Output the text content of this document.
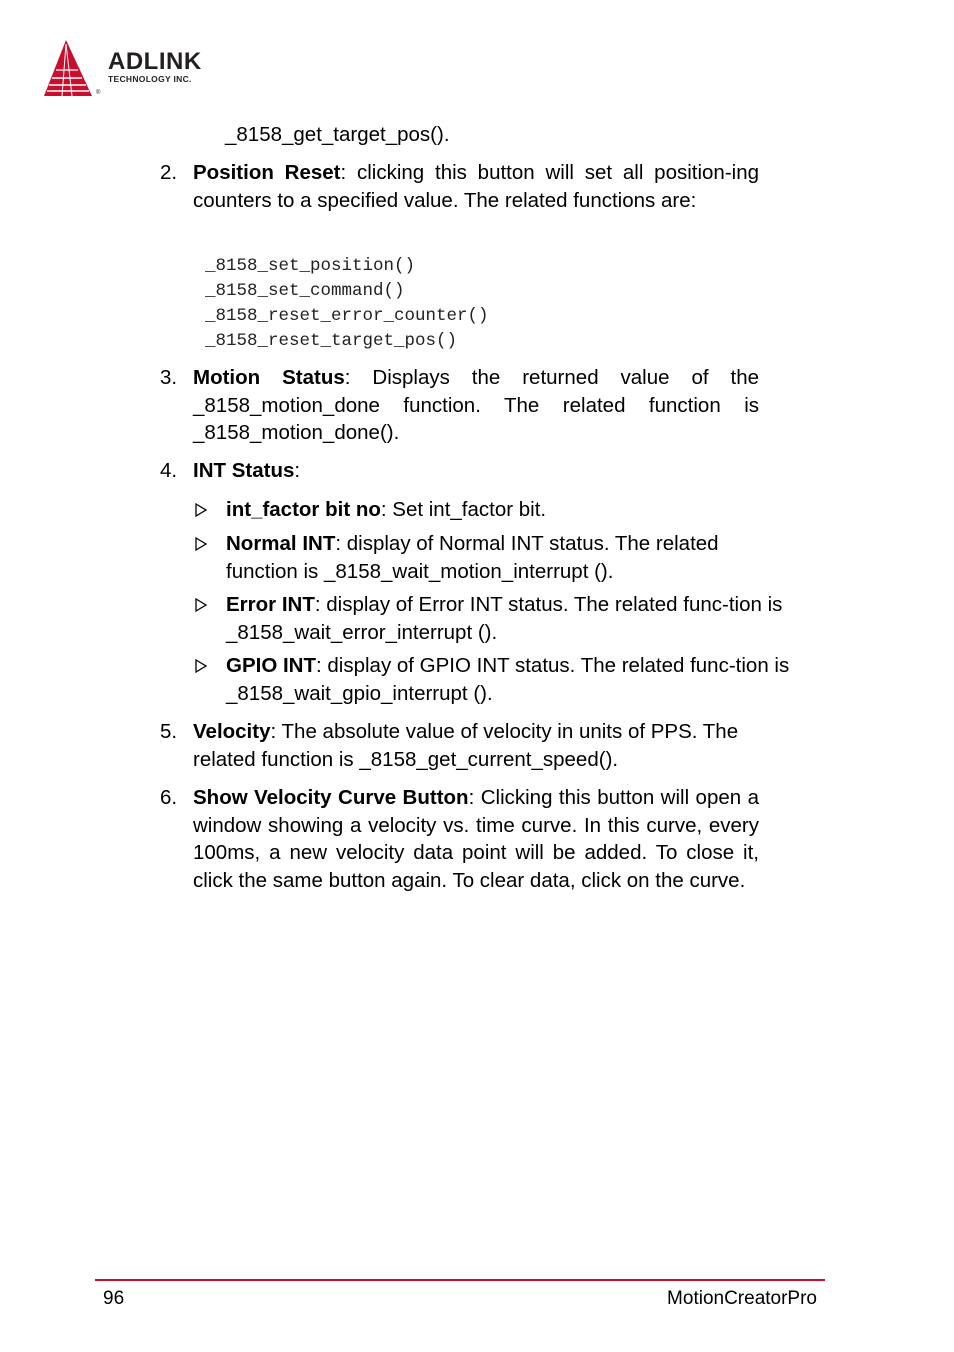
ADLINK
TECHNOLOGY INC.
®
_8158_get_target_pos().
2. Position Reset: clicking this button will set all position-ing counters to a specified value. The related functions are:
_8158_set_position()
_8158_set_command()
_8158_reset_error_counter()
_8158_reset_target_pos()
3. Motion Status: Displays the returned value of the _8158_motion_done function. The related function is _8158_motion_done().
4. INT Status:
int_factor bit no: Set int_factor bit.
Normal INT: display of Normal INT status. The related function is _8158_wait_motion_interrupt ().
Error INT: display of Error INT status. The related func-tion is _8158_wait_error_interrupt ().
GPIO INT: display of GPIO INT status. The related func-tion is _8158_wait_gpio_interrupt ().
5. Velocity: The absolute value of velocity in units of PPS. The related function is _8158_get_current_speed().
6. Show Velocity Curve Button: Clicking this button will open a window showing a velocity vs. time curve. In this curve, every 100ms, a new velocity data point will be added. To close it, click the same button again. To clear data, click on the curve.
96	MotionCreatorPro
